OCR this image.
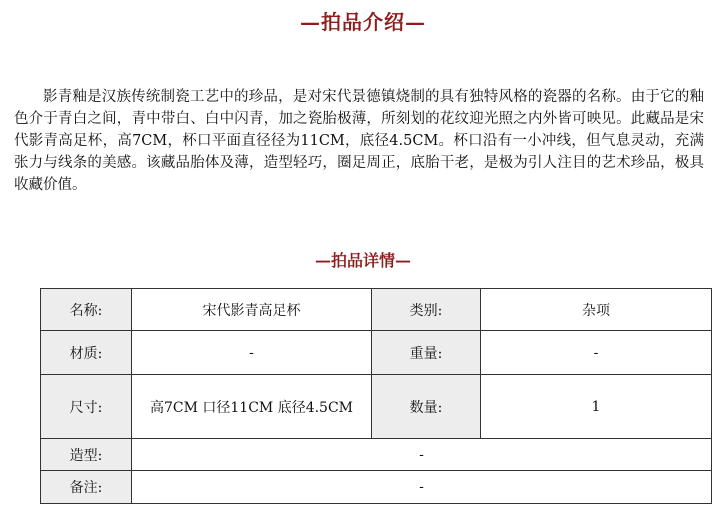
—拍品介绍—

影青釉是汉族传统制瓷工艺中的珍品，是对宋代景德镇烧制的具有独特风格的瓷器的名称。由于它的釉色介于青白之间，青中带白、白中闪青，加之瓷胎极薄，所刻划的花纹迎光照之内外皆可映见。此藏品是宋代影青高足杯，高7CM，杯口平面直径径为11CM，底径4.5CM。杯口沿有一小冲线，但气息灵动，充满张力与线条的美感。该藏品胎体及薄，造型轻巧，圈足周正，底胎干老，是极为引人注目的艺术珍品，极具收藏价值。

—拍品详情—
名称:	宋代影青高足杯	类别:	杂项
材质:	-	重量:	-
尺寸:	高7CM 口径11CM 底径4.5CM	数量:	1
造型:	-		
备注:	-		
